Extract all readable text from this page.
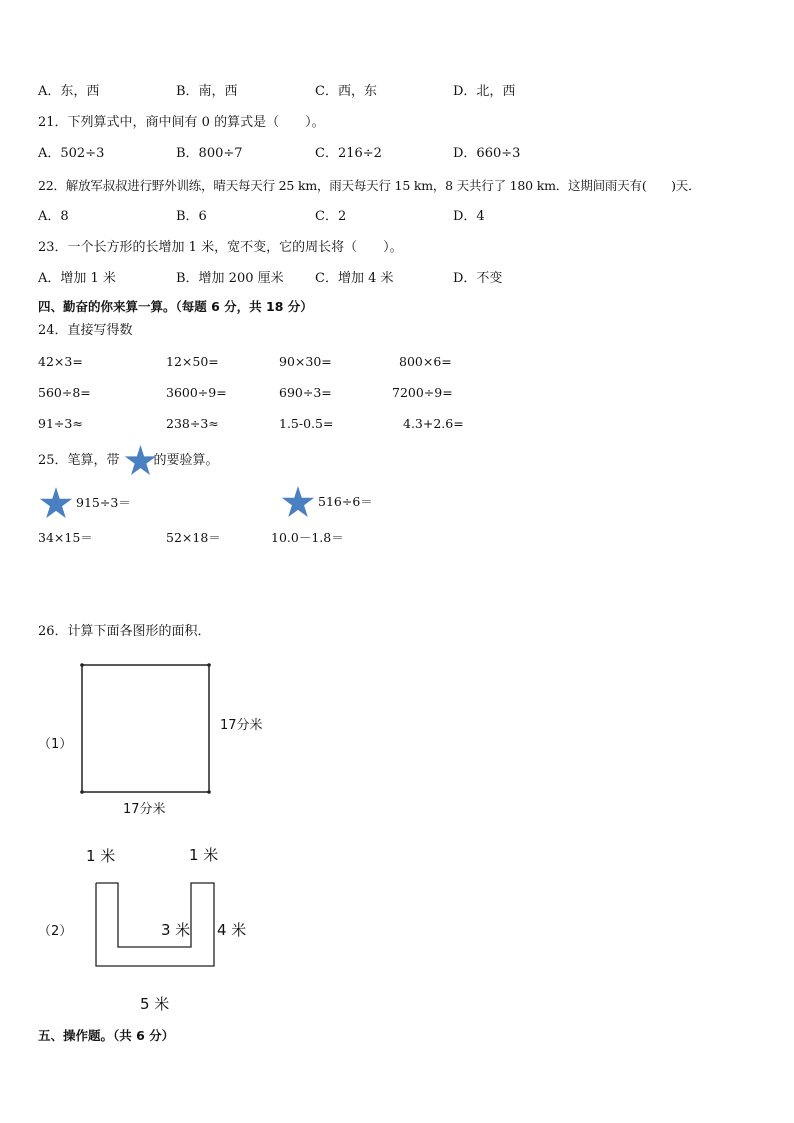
A．东，西	B．南，西	C．西，东	D．北，西
21．下列算式中，商中间有 0 的算式是（　　）。
A．502÷3	B．800÷7	C．216÷2	D．660÷3
22．解放军叔叔进行野外训练，晴天每天行 25 km，雨天每天行 15 km，8 天共行了 180 km．这期间雨天有(　　)天．
A．8	B．6	C．2	D．4
23．一个长方形的长增加 1 米，宽不变，它的周长将（　　）。
A．增加 1 米	B．增加 200 厘米 C．增加 4 米	D．不变
四、勤奋的你来算一算。（每题 6 分，共 18 分）
24．直接写得数
42×3=	12×50=	90×30=	800×6=
560÷8=	3600÷9=	690÷3=	7200÷9=
91÷3≈	238÷3≈	1.5-0.5=	4.3+2.6=
25．笔算，带	的要验算。
915÷3＝	516÷6＝
34×15＝	52×18＝	10.0－1.8＝
26．计算下面各图形的面积．
（1）
17分米
17分米
（2）
1 米	1 米
3 米 4 米
5 米
五、操作题。（共 6 分）
